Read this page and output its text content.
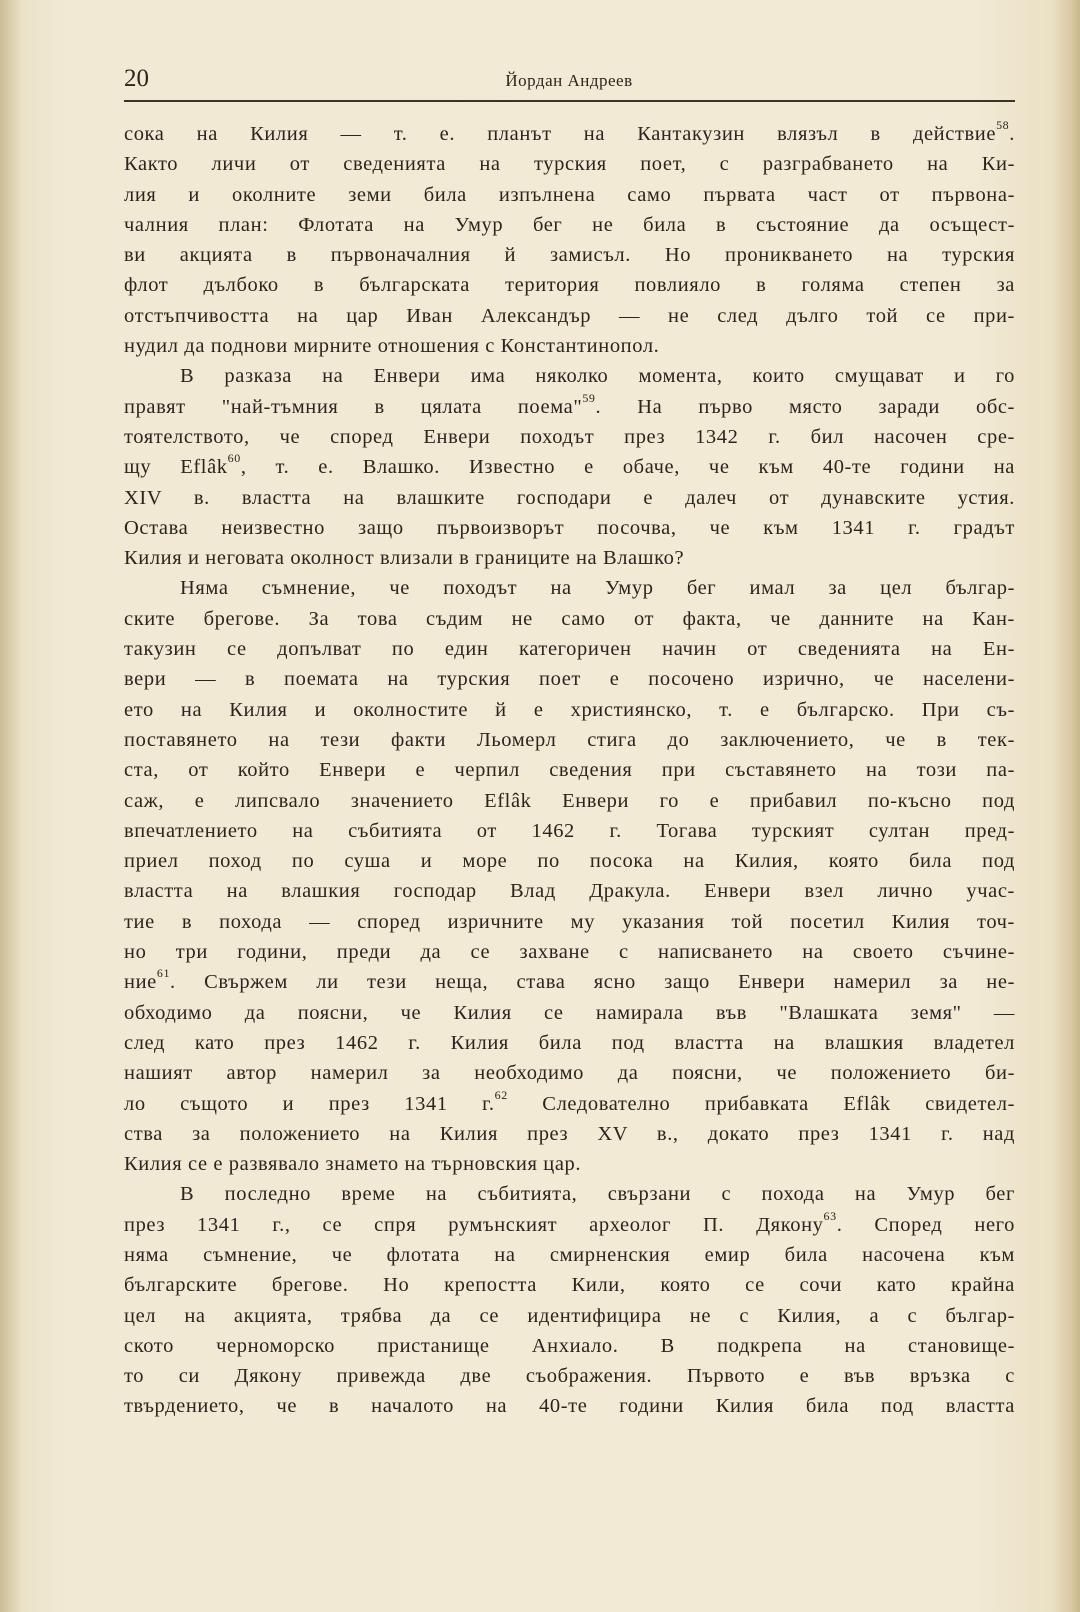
20	Йордан Андреев
сока на Килия — т. е. планът на Кантакузин влязъл в действие$^{58}$.
Както личи от сведенията на турския поет, с разграбването на Ки-
лия и околните земи била изпълнена само първата част от първона-
чалния план: Флотата на Умур бег не била в състояние да осъщест-
ви акцията в първоначалния й замисъл. Но проникването на турския
флот дълбоко в българската територия повлияло в голяма степен за
отстъпчивостта на цар Иван Александър — не след дълго той се при-
нудил да поднови мирните отношения с Константинопол.
В разказа на Енвери има няколко момента, които смущават и го
правят "най-тъмния в цялата поема"$^{59}$. На първо място заради обс-
тоятелството, че според Енвери походът през 1342 г. бил насочен сре-
щу Eflâk$^{60}$, т. е. Влашко. Известно е обаче, че към 40-те години на
XIV в. властта на влашките господари е далеч от дунавските устия.
Остава неизвестно защо първоизворът посочва, че към 1341 г. градът
Килия и неговата околност влизали в границите на Влашко?
Няма съмнение, че походът на Умур бег имал за цел българ-
ските брегове. За това съдим не само от факта, че данните на Кан-
такузин се допълват по един категоричен начин от сведенията на Ен-
вери — в поемата на турския поет е посочено изрично, че населени-
ето на Килия и околностите й е християнско, т. е българско. При съ-
поставянето на тези факти Льомерл стига до заключението, че в тек-
ста, от който Енвери е черпил сведения при съставянето на този па-
саж, е липсвало значението Eflâk Енвери го е прибавил по-късно под
впечатлението на събитията от 1462 г. Тогава турският султан пред-
приел поход по суша и море по посока на Килия, която била под
властта на влашкия господар Влад Дракула. Енвери взел лично учас-
тие в похода — според изричните му указания той посетил Килия точ-
но три години, преди да се захване с написването на своето съчине-
ние$^{61}$. Свържем ли тези неща, става ясно защо Енвери намерил за не-
обходимо да поясни, че Килия се намирала във "Влашката земя" —
след като през 1462 г. Килия била под властта на влашкия владетел
нашият автор намерил за необходимо да поясни, че положението би-
ло същото и през 1341 г.$^{62}$ Следователно прибавката Eflâk свидетел-
ства за положението на Килия през XV в., докато през 1341 г. над
Килия се е развявало знамето на търновския цар.
В последно време на събитията, свързани с похода на Умур бег
през 1341 г., се спря румънският археолог П. Дякону$^{63}$. Според него
няма съмнение, че флотата на смирненския емир била насочена към
българските брегове. Но крепостта Кили, която се сочи като крайна
цел на акцията, трябва да се идентифицира не с Килия, а с българ-
ското черноморско пристанище Анхиало. В подкрепа на становище-
то си Дякону привежда две съображения. Първото е във връзка с
твърдението, че в началото на 40-те години Килия била под властта
